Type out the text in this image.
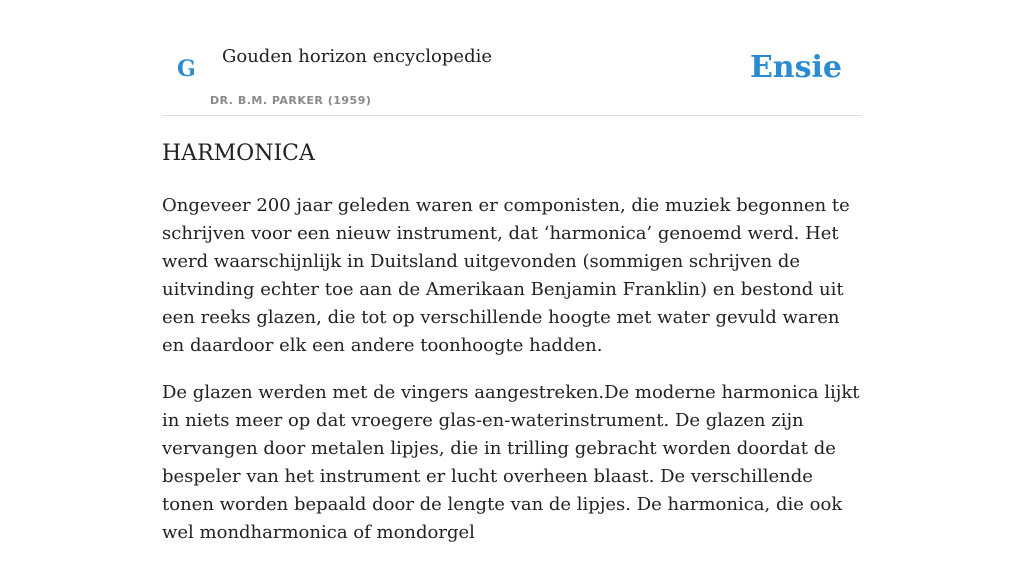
G Gouden horizon encyclopedie
DR. B.M. PARKER (1959)
Ensie
HARMONICA

Ongeveer 200 jaar geleden waren er componisten, die muziek begonnen te schrijven voor een nieuw instrument, dat ‘harmonica’ genoemd werd. Het werd waarschijnlijk in Duitsland uitgevonden (sommigen schrijven de uitvinding echter toe aan de Amerikaan Benjamin Franklin) en bestond uit een reeks glazen, die tot op verschillende hoogte met water gevuld waren en daardoor elk een andere toonhoogte hadden.

De glazen werden met de vingers aangestreken.De moderne harmonica lijkt in niets meer op dat vroegere glas-en-waterinstrument. De glazen zijn vervangen door metalen lipjes, die in trilling gebracht worden doordat de bespeler van het instrument er lucht overheen blaast. De verschillende tonen worden bepaald door de lengte van de lipjes. De harmonica, die ook wel mondharmonica of mondorgel
